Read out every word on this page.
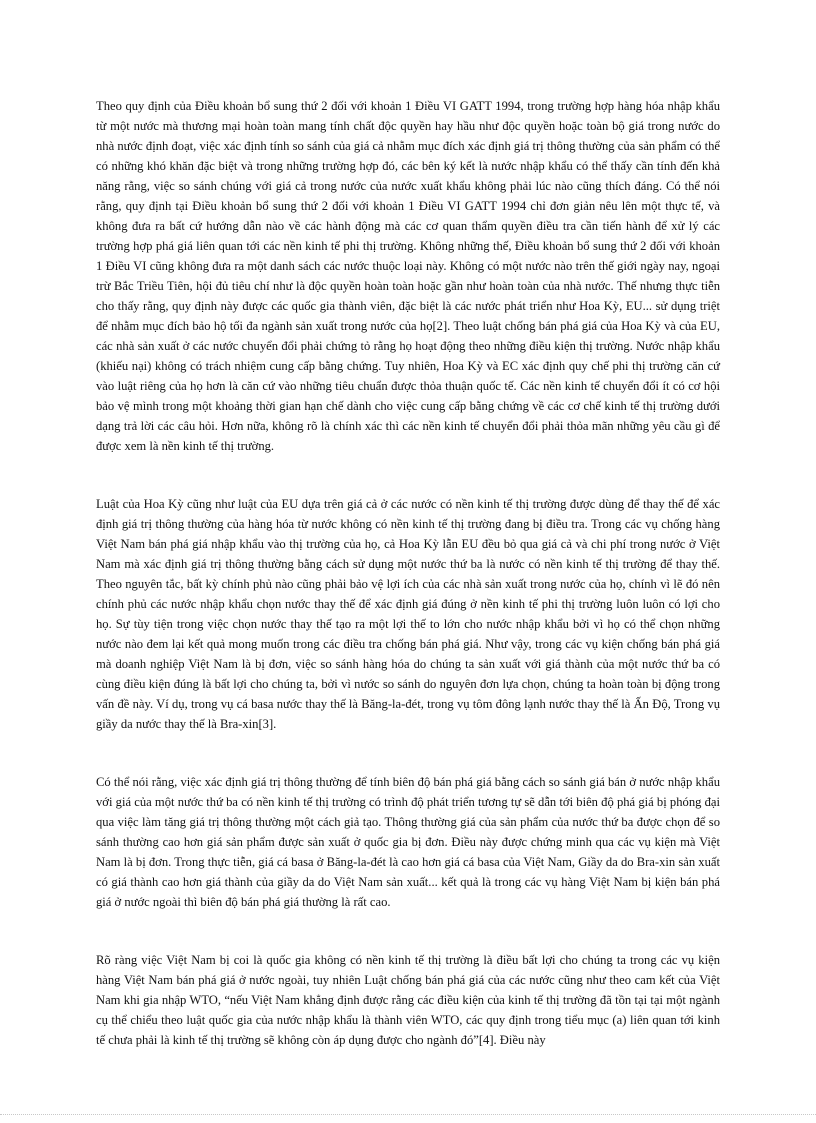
Theo quy định của Điều khoản bổ sung thứ 2 đối với khoản 1 Điều VI GATT 1994, trong trường hợp hàng hóa nhập khẩu từ một nước mà thương mại hoàn toàn mang tính chất độc quyền hay hầu như độc quyền hoặc toàn bộ giá trong nước do nhà nước định đoạt, việc xác định tính so sánh của giá cả nhằm mục đích xác định giá trị thông thường của sản phẩm có thể có những khó khăn đặc biệt và trong những trường hợp đó, các bên ký kết là nước nhập khẩu có thể thấy cần tính đến khả năng rằng, việc so sánh chúng với giá cả trong nước của nước xuất khẩu không phải lúc nào cũng thích đáng. Có thể nói rằng, quy định tại Điều khoản bổ sung thứ 2 đối với khoản 1 Điều VI GATT 1994 chỉ đơn giản nêu lên một thực tế, và không đưa ra bất cứ hướng dẫn nào về các hành động mà các cơ quan thẩm quyền điều tra cần tiến hành để xử lý các trường hợp phá giá liên quan tới các nền kinh tế phi thị trường. Không những thế, Điều khoản bổ sung thứ 2 đối với khoản 1 Điều VI cũng không đưa ra một danh sách các nước thuộc loại này. Không có một nước nào trên thế giới ngày nay, ngoại trừ Bắc Triều Tiên, hội đủ tiêu chí như là độc quyền hoàn toàn hoặc gần như hoàn toàn của nhà nước. Thế nhưng thực tiễn cho thấy rằng, quy định này được các quốc gia thành viên, đặc biệt là các nước phát triển như Hoa Kỳ, EU... sử dụng triệt để nhằm mục đích bảo hộ tối đa ngành sản xuất trong nước của họ[2]. Theo luật chống bán phá giá của Hoa Kỳ và của EU, các nhà sản xuất ở các nước chuyển đổi phải chứng tỏ rằng họ hoạt động theo những điều kiện thị trường. Nước nhập khẩu (khiếu nại) không có trách nhiệm cung cấp bằng chứng. Tuy nhiên, Hoa Kỳ và EC xác định quy chế phi thị trường căn cứ vào luật riêng của họ hơn là căn cứ vào những tiêu chuẩn được thỏa thuận quốc tế. Các nền kinh tế chuyển đổi ít có cơ hội bảo vệ mình trong một khoảng thời gian hạn chế dành cho việc cung cấp bằng chứng về các cơ chế kinh tế thị trường dưới dạng trả lời các câu hỏi. Hơn nữa, không rõ là chính xác thì các nền kinh tế chuyển đổi phải thỏa mãn những yêu cầu gì để được xem là nền kinh tế thị trường.

Luật của Hoa Kỳ cũng như luật của EU dựa trên giá cả ở các nước có nền kinh tế thị trường được dùng để thay thế để xác định giá trị thông thường của hàng hóa từ nước không có nền kinh tế thị trường đang bị điều tra. Trong các vụ chống hàng Việt Nam bán phá giá nhập khẩu vào thị trường của họ, cả Hoa Kỳ lẫn EU đều bỏ qua giá cả và chi phí trong nước ở Việt Nam mà xác định giá trị thông thường bằng cách sử dụng một nước thứ ba là nước có nền kinh tế thị trường để thay thế. Theo nguyên tắc, bất kỳ chính phủ nào cũng phải bảo vệ lợi ích của các nhà sản xuất trong nước của họ, chính vì lẽ đó nên chính phủ các nước nhập khẩu chọn nước thay thế để xác định giá đúng ở nền kinh tế phi thị trường luôn luôn có lợi cho họ. Sự tùy tiện trong việc chọn nước thay thế tạo ra một lợi thế to lớn cho nước nhập khẩu bởi vì họ có thể chọn những nước nào đem lại kết quả mong muốn trong các điều tra chống bán phá giá. Như vậy, trong các vụ kiện chống bán phá giá mà doanh nghiệp Việt Nam là bị đơn, việc so sánh hàng hóa do chúng ta sản xuất với giá thành của một nước thứ ba có cùng điều kiện đúng là bất lợi cho chúng ta, bởi vì nước so sánh do nguyên đơn lựa chọn, chúng ta hoàn toàn bị động trong vấn đề này. Ví dụ, trong vụ cá basa nước thay thế là Băng-la-đét, trong vụ tôm đông lạnh nước thay thế là Ấn Độ, Trong vụ giầy da nước thay thế là Bra-xin[3].

Có thể nói rằng, việc xác định giá trị thông thường để tính biên độ bán phá giá bằng cách so sánh giá bán ở nước nhập khẩu với giá của một nước thứ ba có nền kinh tế thị trường có trình độ phát triển tương tự sẽ dẫn tới biên độ phá giá bị phóng đại qua việc làm tăng giá trị thông thường một cách giả tạo. Thông thường giá của sản phẩm của nước thứ ba được chọn để so sánh thường cao hơn giá sản phẩm được sản xuất ở quốc gia bị đơn. Điều này được chứng minh qua các vụ kiện mà Việt Nam là bị đơn. Trong thực tiễn, giá cá basa ở Băng-la-đét là cao hơn giá cá basa của Việt Nam, Giầy da do Bra-xin sản xuất có giá thành cao hơn giá thành của giầy da do Việt Nam sản xuất... kết quả là trong các vụ hàng Việt Nam bị kiện bán phá giá ở nước ngoài thì biên độ bán phá giá thường là rất cao.

Rõ ràng việc Việt Nam bị coi là quốc gia không có nền kinh tế thị trường là điều bất lợi cho chúng ta trong các vụ kiện hàng Việt Nam bán phá giá ở nước ngoài, tuy nhiên Luật chống bán phá giá của các nước cũng như theo cam kết của Việt Nam khi gia nhập WTO, “nếu Việt Nam khẳng định được rằng các điều kiện của kinh tế thị trường đã tồn tại tại một ngành cụ thể chiểu theo luật quốc gia của nước nhập khẩu là thành viên WTO, các quy định trong tiểu mục (a) liên quan tới kinh tế chưa phải là kinh tế thị trường sẽ không còn áp dụng được cho ngành đó”[4]. Điều này
